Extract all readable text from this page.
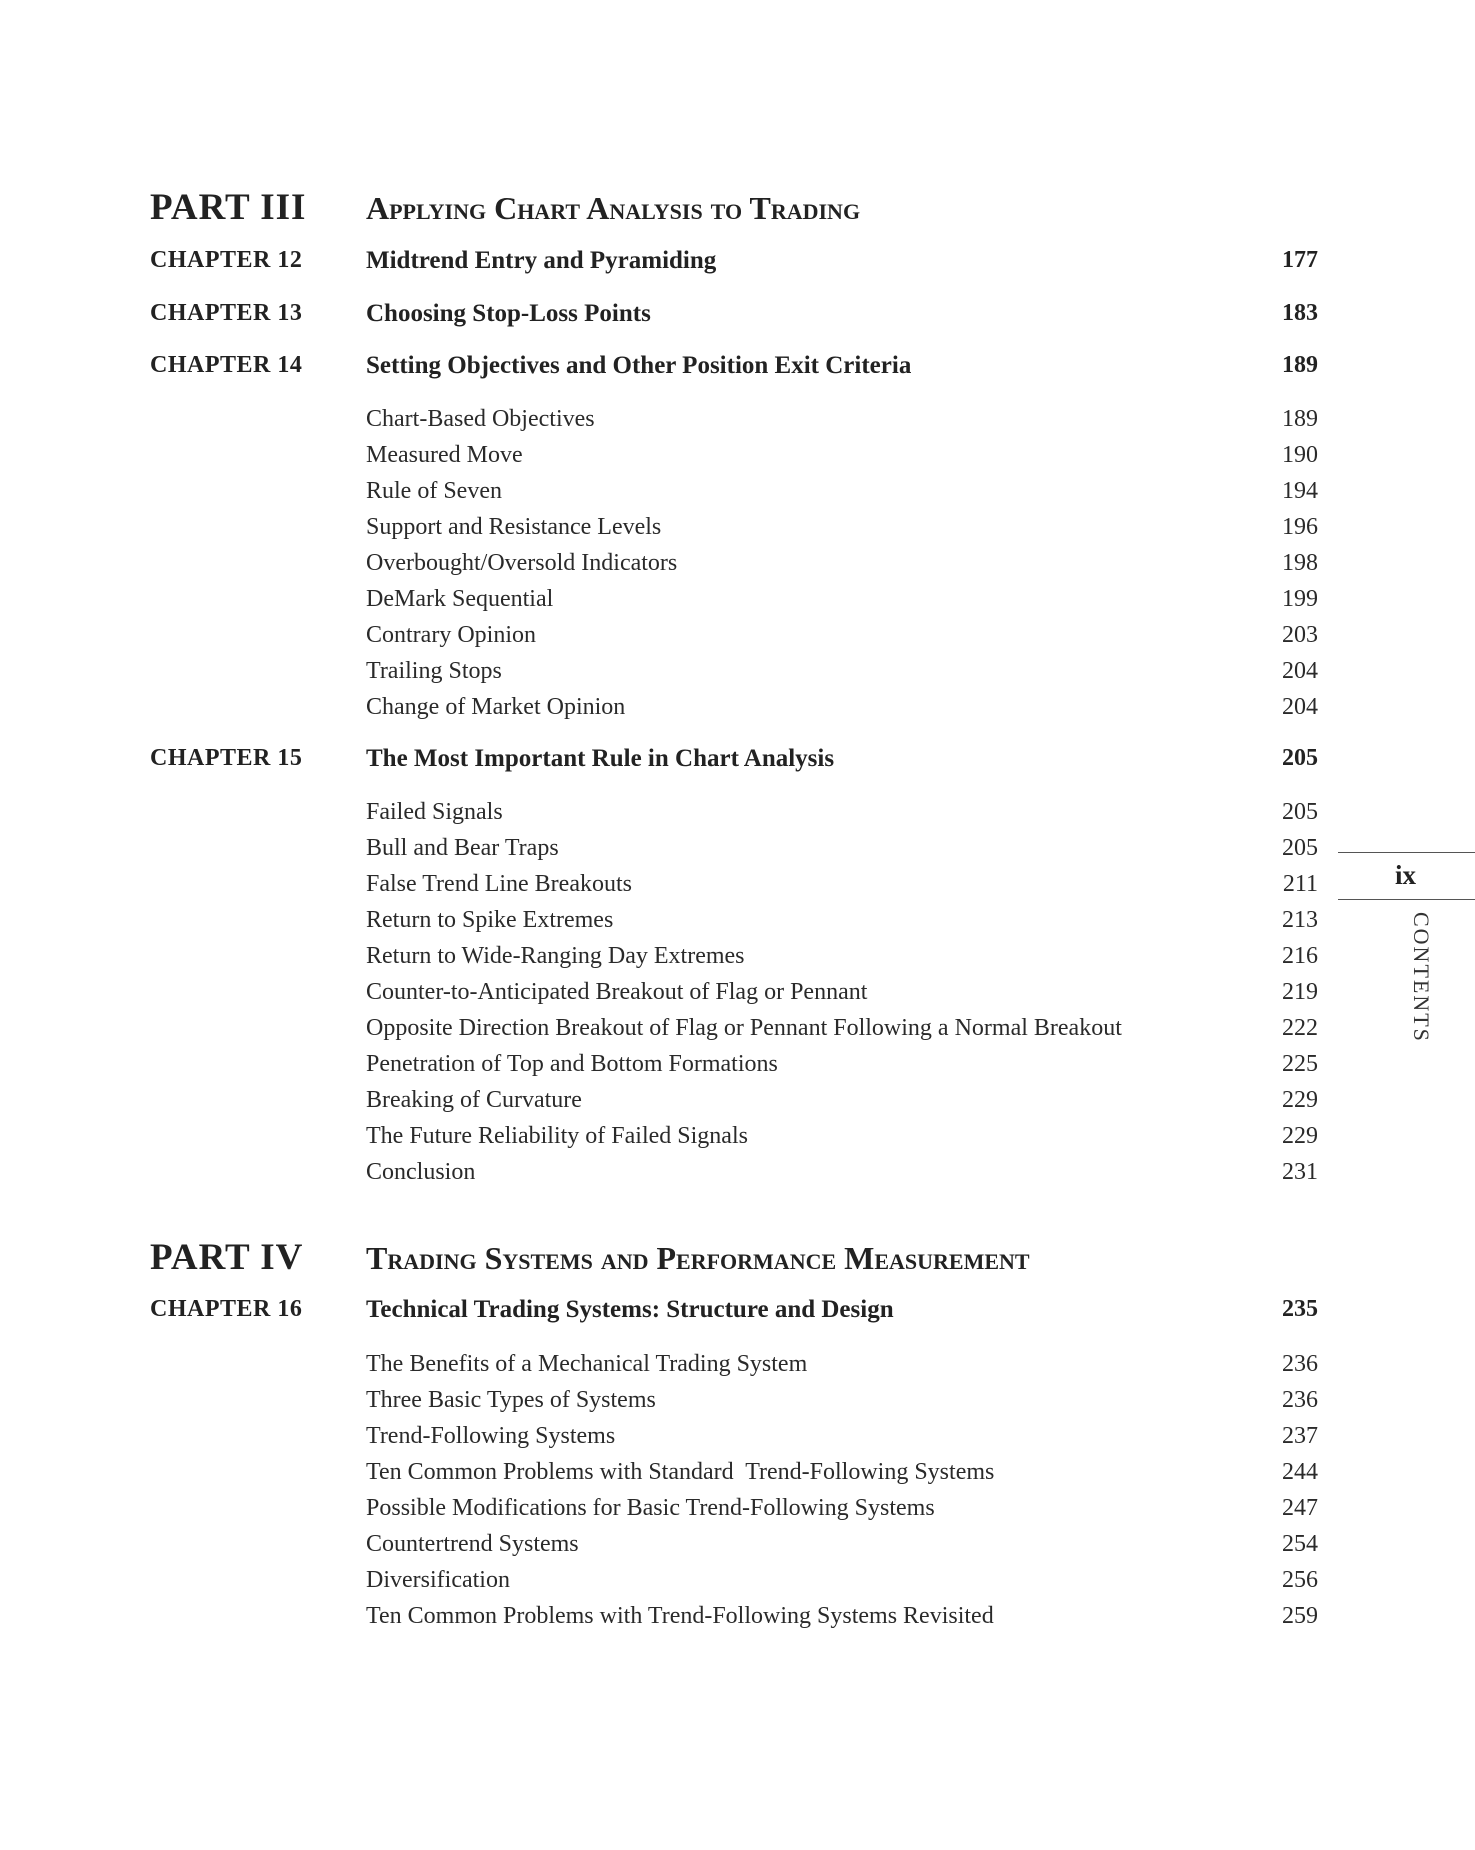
PART III Applying Chart Analysis to Trading
CHAPTER 12	Midtrend Entry and Pyramiding	177
CHAPTER 13	Choosing Stop-Loss Points	183
CHAPTER 14	Setting Objectives and Other Position Exit Criteria	189
Chart-Based Objectives	189
Measured Move	190
Rule of Seven	194
Support and Resistance Levels	196
Overbought/Oversold Indicators	198
DeMark Sequential	199
Contrary Opinion	203
Trailing Stops	204
Change of Market Opinion	204
CHAPTER 15	The Most Important Rule in Chart Analysis	205
Failed Signals	205
Bull and Bear Traps	205
False Trend Line Breakouts	211
Return to Spike Extremes	213
Return to Wide-Ranging Day Extremes	216
Counter-to-Anticipated Breakout of Flag or Pennant	219
Opposite Direction Breakout of Flag or Pennant Following a Normal Breakout	222
Penetration of Top and Bottom Formations	225
Breaking of Curvature	229
The Future Reliability of Failed Signals	229
Conclusion	231
PART IV Trading Systems and Performance Measurement
CHAPTER 16	Technical Trading Systems: Structure and Design	235
The Benefits of a Mechanical Trading System	236
Three Basic Types of Systems	236
Trend-Following Systems	237
Ten Common Problems with Standard  Trend-Following Systems	244
Possible Modifications for Basic Trend-Following Systems	247
Countertrend Systems	254
Diversification	256
Ten Common Problems with Trend-Following Systems Revisited	259
ix
CONTENTS
